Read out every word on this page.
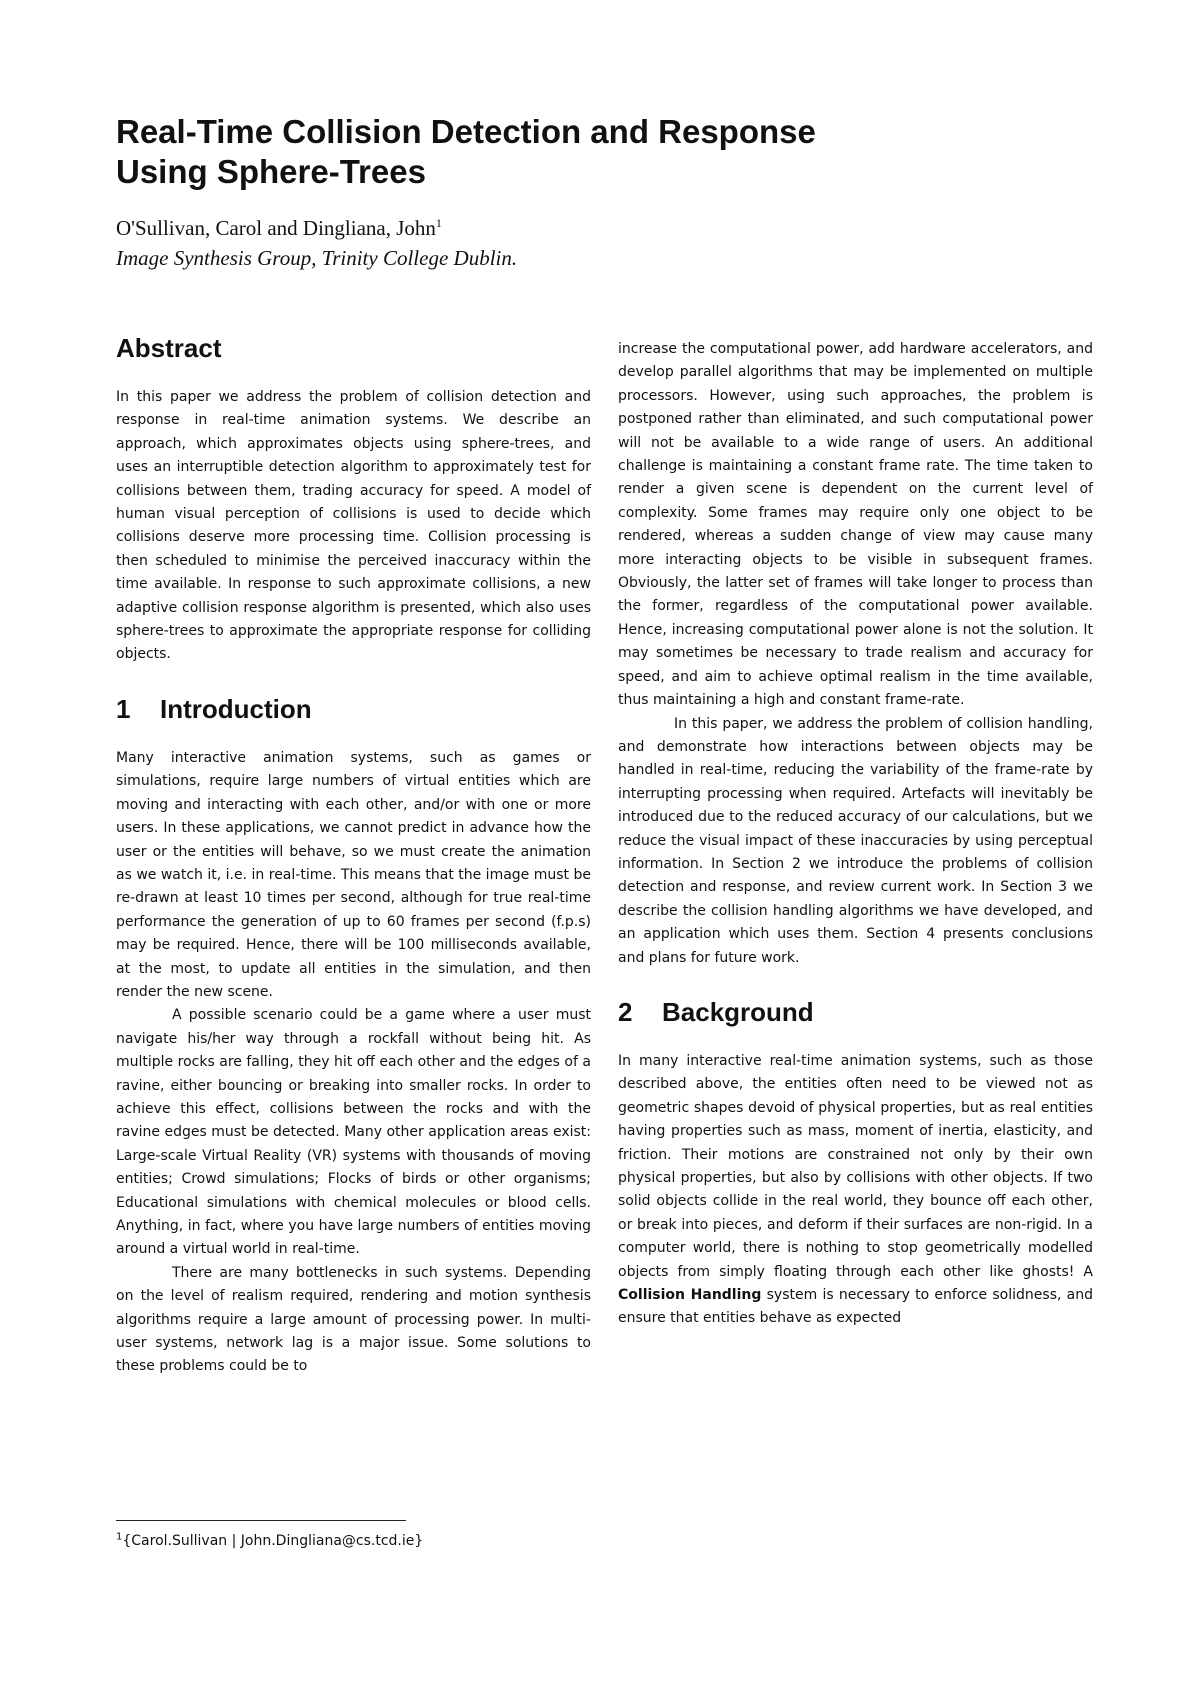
Real-Time Collision Detection and Response
Using Sphere-Trees
O'Sullivan, Carol and Dingliana, John$^1$
Image Synthesis Group, Trinity College Dublin.
Abstract

In this paper we address the problem of collision detection and response in real-time animation systems. We describe an approach, which approximates objects using sphere-trees, and uses an interruptible detection algorithm to approximately test for collisions between them, trading accuracy for speed. A model of human visual perception of collisions is used to decide which collisions deserve more processing time. Collision processing is then scheduled to minimise the perceived inaccuracy within the time available. In response to such approximate collisions, a new adaptive collision response algorithm is presented, which also uses sphere-trees to approximate the appropriate response for colliding objects.

1 Introduction

Many interactive animation systems, such as games or simulations, require large numbers of virtual entities which are moving and interacting with each other, and/or with one or more users. In these applications, we cannot predict in advance how the user or the entities will behave, so we must create the animation as we watch it, i.e. in real-time. This means that the image must be re-drawn at least 10 times per second, although for true real-time performance the generation of up to 60 frames per second (f.p.s) may be required. Hence, there will be 100 milliseconds available, at the most, to update all entities in the simulation, and then render the new scene.

A possible scenario could be a game where a user must navigate his/her way through a rockfall without being hit. As multiple rocks are falling, they hit off each other and the edges of a ravine, either bouncing or breaking into smaller rocks. In order to achieve this effect, collisions between the rocks and with the ravine edges must be detected. Many other application areas exist: Large-scale Virtual Reality (VR) systems with thousands of moving entities; Crowd simulations; Flocks of birds or other organisms; Educational simulations with chemical molecules or blood cells. Anything, in fact, where you have large numbers of entities moving around a virtual world in real-time.

There are many bottlenecks in such systems. Depending on the level of realism required, rendering and motion synthesis algorithms require a large amount of processing power. In multi-user systems, network lag is a major issue. Some solutions to these problems could be to

increase the computational power, add hardware accelerators, and develop parallel algorithms that may be implemented on multiple processors. However, using such approaches, the problem is postponed rather than eliminated, and such computational power will not be available to a wide range of users. An additional challenge is maintaining a constant frame rate. The time taken to render a given scene is dependent on the current level of complexity. Some frames may require only one object to be rendered, whereas a sudden change of view may cause many more interacting objects to be visible in subsequent frames. Obviously, the latter set of frames will take longer to process than the former, regardless of the computational power available. Hence, increasing computational power alone is not the solution. It may sometimes be necessary to trade realism and accuracy for speed, and aim to achieve optimal realism in the time available, thus maintaining a high and constant frame-rate.

In this paper, we address the problem of collision handling, and demonstrate how interactions between objects may be handled in real-time, reducing the variability of the frame-rate by interrupting processing when required. Artefacts will inevitably be introduced due to the reduced accuracy of our calculations, but we reduce the visual impact of these inaccuracies by using perceptual information. In Section 2 we introduce the problems of collision detection and response, and review current work. In Section 3 we describe the collision handling algorithms we have developed, and an application which uses them. Section 4 presents conclusions and plans for future work.

2 Background

In many interactive real-time animation systems, such as those described above, the entities often need to be viewed not as geometric shapes devoid of physical properties, but as real entities having properties such as mass, moment of inertia, elasticity, and friction. Their motions are constrained not only by their own physical properties, but also by collisions with other objects. If two solid objects collide in the real world, they bounce off each other, or break into pieces, and deform if their surfaces are non-rigid. In a computer world, there is nothing to stop geometrically modelled objects from simply floating through each other like ghosts! A Collision Handling system is necessary to enforce solidness, and ensure that entities behave as expected

$^1${Carol.Sullivan | John.Dingliana@cs.tcd.ie}
